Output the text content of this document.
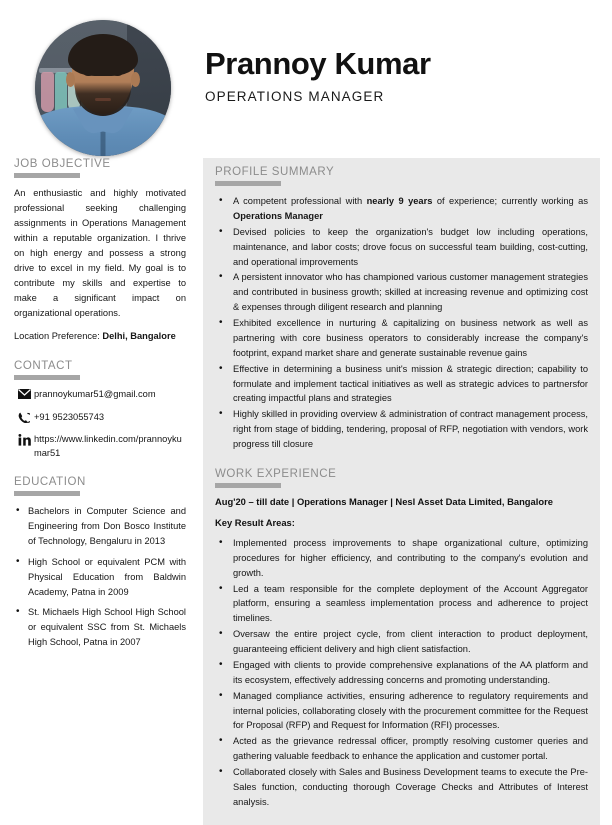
Prannoy Kumar
OPERATIONS MANAGER
JOB OBJECTIVE

An enthusiastic and highly motivated professional seeking challenging assignments in Operations Management within a reputable organization. I thrive on high energy and possess a strong drive to excel in my field. My goal is to contribute my skills and expertise to make a significant impact on organizational operations.

Location Preference: Delhi, Bangalore

CONTACT
prannoykumar51@gmail.com
+91 9523055743
https://www.linkedin.com/prannoykumar51
EDUCATION
• Bachelors in Computer Science and Engineering from Don Bosco Institute of Technology, Bengaluru in 2013
• High School or equivalent PCM with Physical Education from Baldwin Academy, Patna in 2009
• St. Michaels High School High School or equivalent SSC from St. Michaels High School, Patna in 2007
PROFILE SUMMARY
• A competent professional with nearly 9 years of experience; currently working as Operations Manager
• Devised policies to keep the organization's budget low including operations, maintenance, and labor costs; drove focus on successful team building, cost-cutting, and operational improvements
• A persistent innovator who has championed various customer management strategies and contributed in business growth; skilled at increasing revenue and optimizing cost & expenses through diligent research and planning
• Exhibited excellence in nurturing & capitalizing on business network as well as partnering with core business operators to considerably increase the company's footprint, expand market share and generate sustainable revenue gains
• Effective in determining a business unit's mission & strategic direction; capability to formulate and implement tactical initiatives as well as strategic advices to partnersfor creating impactful plans and strategies
• Highly skilled in providing overview & administration of contract management process, right from stage of bidding, tendering, proposal of RFP, negotiation with vendors, work progress till closure
WORK EXPERIENCE
Aug'20 – till date | Operations Manager | Nesl Asset Data Limited, Bangalore
Key Result Areas:
• Implemented process improvements to shape organizational culture, optimizing procedures for higher efficiency, and contributing to the company's evolution and growth.
• Led a team responsible for the complete deployment of the Account Aggregator platform, ensuring a seamless implementation process and adherence to project timelines.
• Oversaw the entire project cycle, from client interaction to product deployment, guaranteeing efficient delivery and high client satisfaction.
• Engaged with clients to provide comprehensive explanations of the AA platform and its ecosystem, effectively addressing concerns and promoting understanding.
• Managed compliance activities, ensuring adherence to regulatory requirements and internal policies, collaborating closely with the procurement committee for the Request for Proposal (RFP) and Request for Information (RFI) processes.
• Acted as the grievance redressal officer, promptly resolving customer queries and gathering valuable feedback to enhance the application and customer portal.
• Collaborated closely with Sales and Business Development teams to execute the Pre-Sales function, conducting thorough Coverage Checks and Attributes of Interest analysis.
